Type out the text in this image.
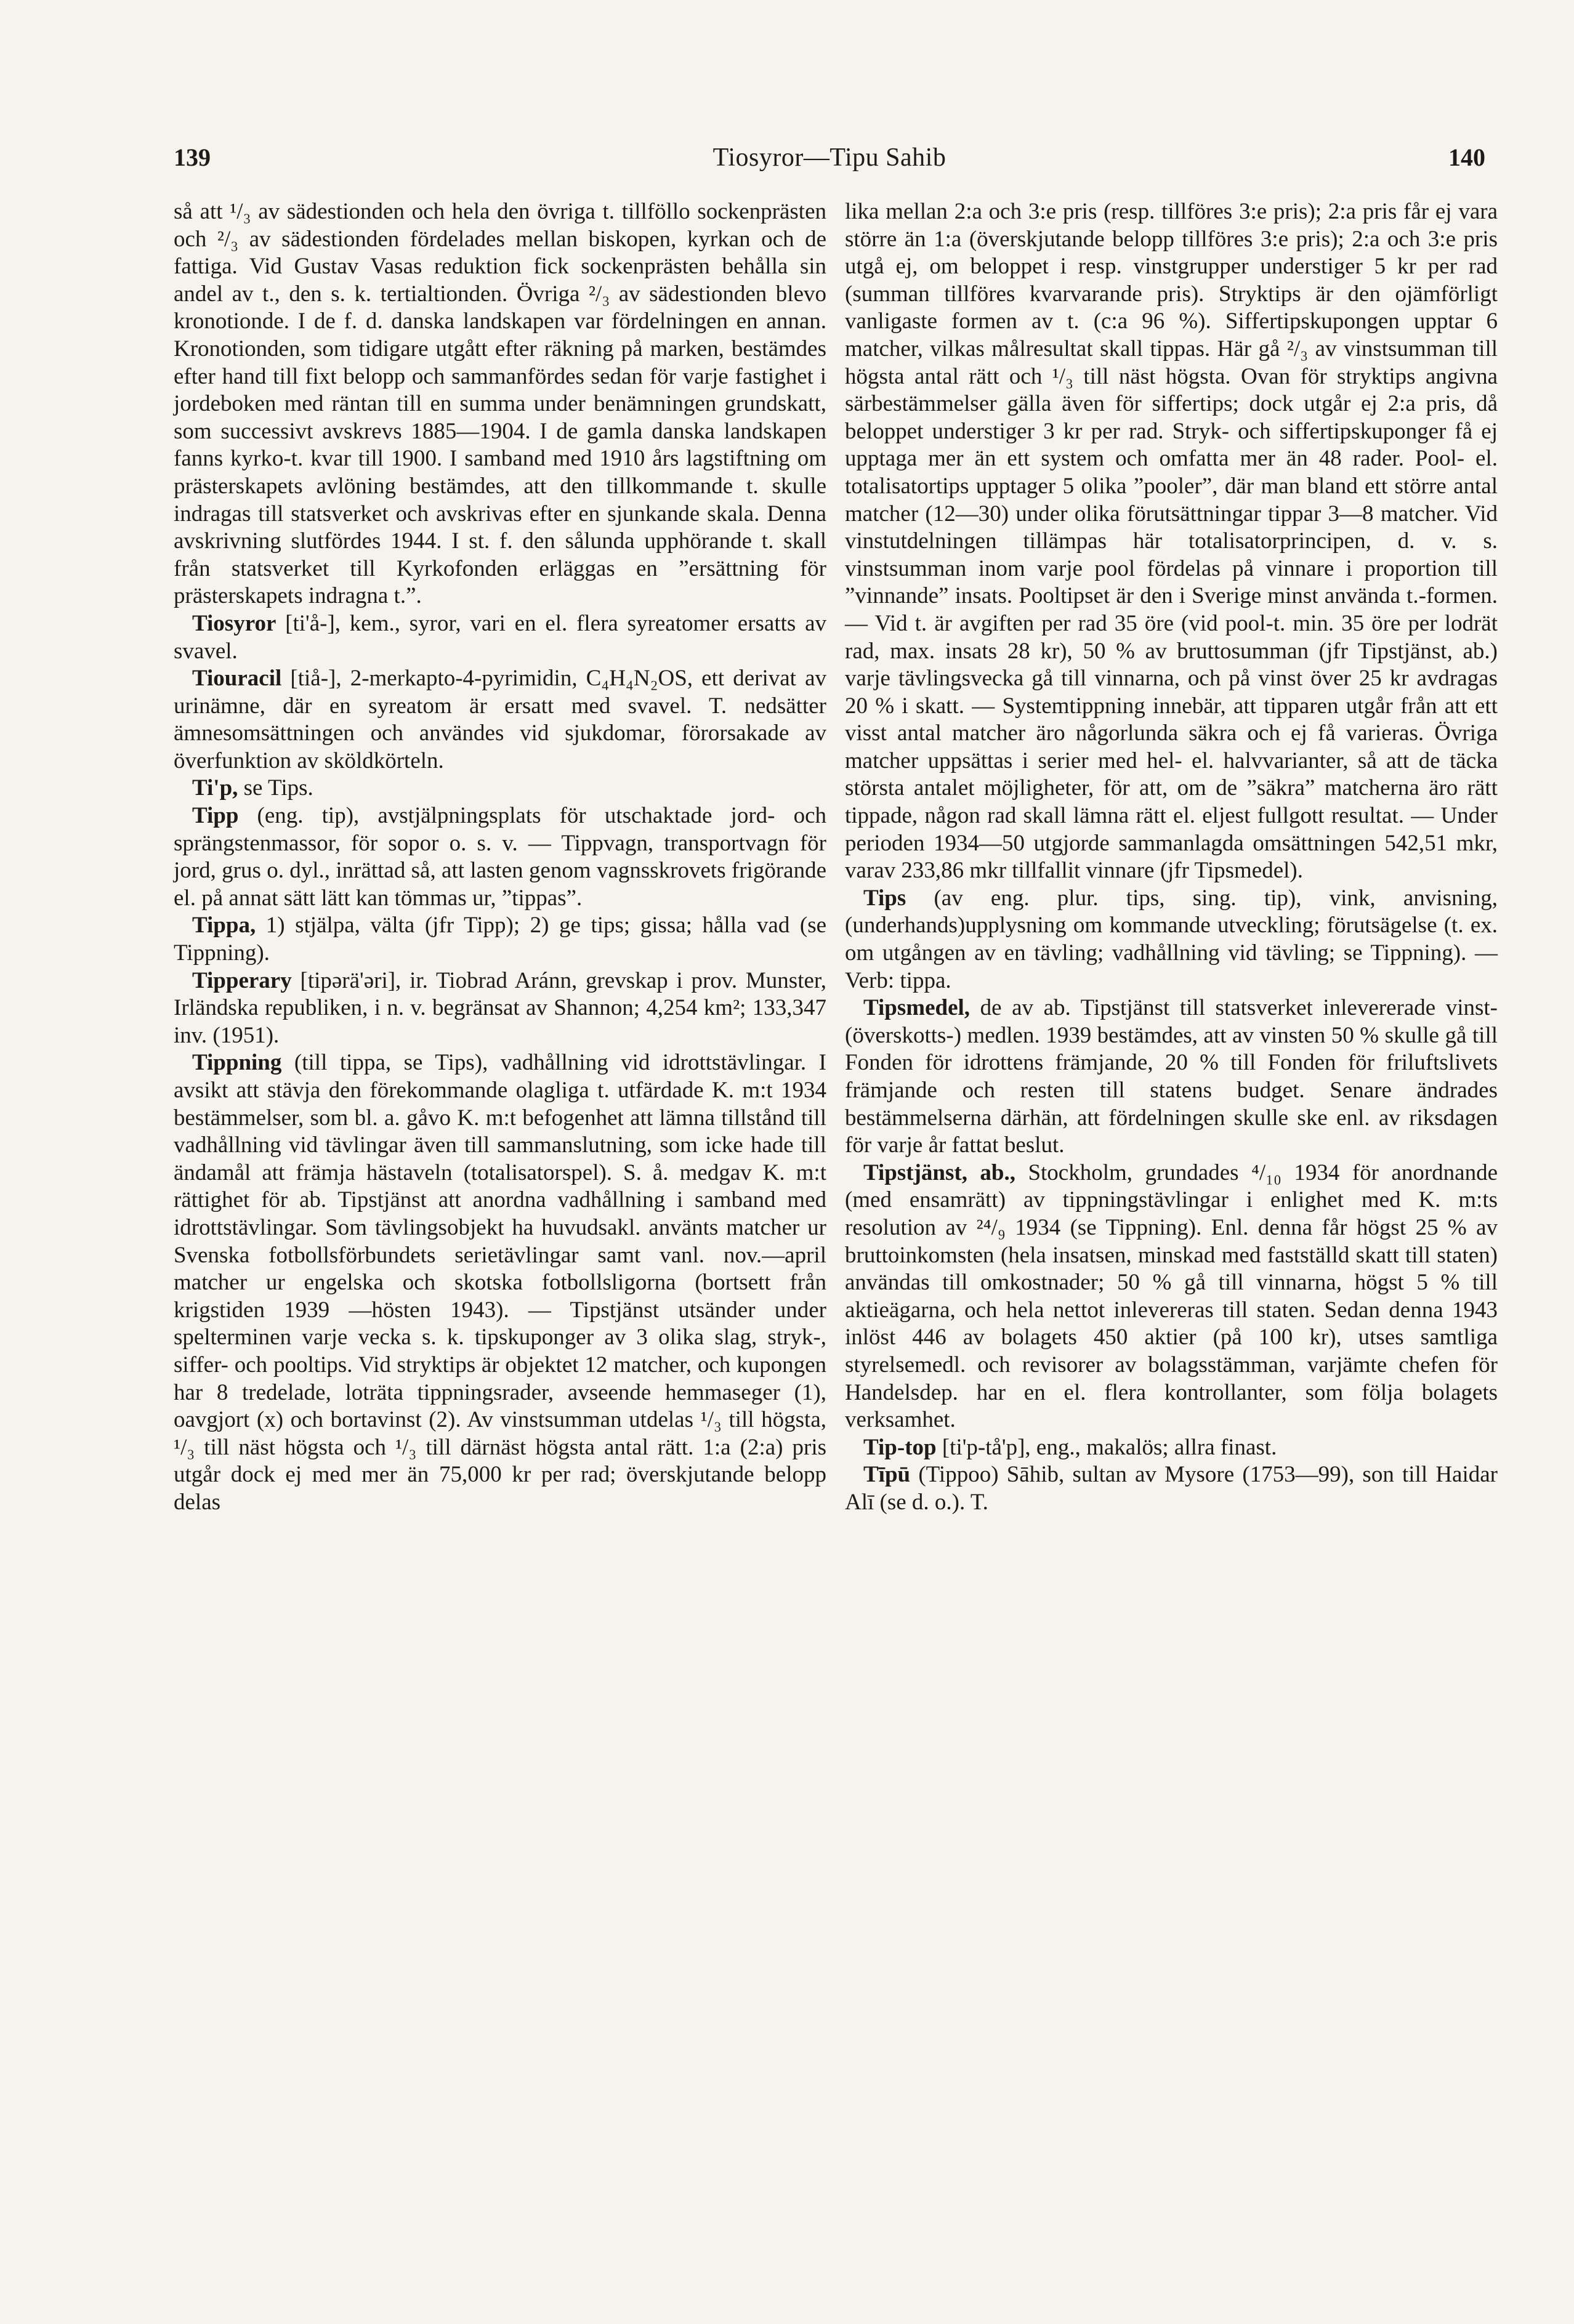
139	Tiosyror—Tipu Sahib	140

så att ¹/₃ av sädestionden och hela den övriga t. tillföllo sockenprästen och ²/₃ av sädestionden fördelades mellan biskopen, kyrkan och de fattiga. Vid Gustav Vasas reduktion fick sockenprästen behålla sin andel av t., den s. k. tertialtionden. Övriga ²/₃ av sädestionden blevo kronotionde. I de f. d. danska landskapen var fördelningen en annan. Kronotionden, som tidigare utgått efter räkning på marken, bestämdes efter hand till fixt belopp och sammanfördes sedan för varje fastighet i jordeboken med räntan till en summa under benämningen grundskatt, som successivt avskrevs 1885—1904. I de gamla danska landskapen fanns kyrko-t. kvar till 1900. I samband med 1910 års lagstiftning om prästerskapets avlöning bestämdes, att den tillkommande t. skulle indragas till statsverket och avskrivas efter en sjunkande skala. Denna avskrivning slutfördes 1944. I st. f. den sålunda upphörande t. skall från statsverket till Kyrkofonden erläggas en ”ersättning för prästerskapets indragna t.”.

Tiosyror [ti'å-], kem., syror, vari en el. flera syreatomer ersatts av svavel.

Tiouracil [tiå-], 2-merkapto-4-pyrimidin, C₄H₄N₂OS, ett derivat av urinämne, där en syreatom är ersatt med svavel. T. nedsätter ämnesomsättningen och användes vid sjukdomar, förorsakade av överfunktion av sköldkörteln.

Ti'p, se Tips.

Tipp (eng. tip), avstjälpningsplats för utschaktade jord- och sprängstenmassor, för sopor o. s. v. — Tippvagn, transportvagn för jord, grus o. dyl., inrättad så, att lasten genom vagnsskrovets frigörande el. på annat sätt lätt kan tömmas ur, ”tippas”.

Tippa, 1) stjälpa, välta (jfr Tipp); 2) ge tips; gissa; hålla vad (se Tippning).

Tipperary [tipərä'əri], ir. Tiobrad Aránn, grevskap i prov. Munster, Irländska republiken, i n. v. begränsat av Shannon; 4,254 km²; 133,347 inv. (1951).

Tippning (till tippa, se Tips), vadhållning vid idrottstävlingar. I avsikt att stävja den förekommande olagliga t. utfärdade K. m:t 1934 bestämmelser, som bl. a. gåvo K. m:t befogenhet att lämna tillstånd till vadhållning vid tävlingar även till sammanslutning, som icke hade till ändamål att främja hästaveln (totalisatorspel). S. å. medgav K. m:t rättighet för ab. Tipstjänst att anordna vadhållning i samband med idrottstävlingar. Som tävlingsobjekt ha huvudsakl. använts matcher ur Svenska fotbollsförbundets serietävlingar samt vanl. nov.—april matcher ur engelska och skotska fotbollsligorna (bortsett från krigstiden 1939 —hösten 1943). — Tipstjänst utsänder under spelterminen varje vecka s. k. tipskuponger av 3 olika slag, stryk-, siffer- och pooltips. Vid stryktips är objektet 12 matcher, och kupongen har 8 tredelade, loträta tippningsrader, avseende hemmaseger (1), oavgjort (x) och bortavinst (2). Av vinstsumman utdelas ¹/₃ till högsta, ¹/₃ till näst högsta och ¹/₃ till därnäst högsta antal rätt. 1:a (2:a) pris utgår dock ej med mer än 75,000 kr per rad; överskjutande belopp delas

lika mellan 2:a och 3:e pris (resp. tillföres 3:e pris); 2:a pris får ej vara större än 1:a (överskjutande belopp tillföres 3:e pris); 2:a och 3:e pris utgå ej, om beloppet i resp. vinstgrupper understiger 5 kr per rad (summan tillföres kvarvarande pris). Stryktips är den ojämförligt vanligaste formen av t. (c:a 96 %). Siffertipskupongen upptar 6 matcher, vilkas målresultat skall tippas. Här gå ²/₃ av vinstsumman till högsta antal rätt och ¹/₃ till näst högsta. Ovan för stryktips angivna särbestämmelser gälla även för siffertips; dock utgår ej 2:a pris, då beloppet understiger 3 kr per rad. Stryk- och siffertipskuponger få ej upptaga mer än ett system och omfatta mer än 48 rader. Pool- el. totalisatortips upptager 5 olika ”pooler”, där man bland ett större antal matcher (12—30) under olika förutsättningar tippar 3—8 matcher. Vid vinstutdelningen tillämpas här totalisatorprincipen, d. v. s. vinstsumman inom varje pool fördelas på vinnare i proportion till ”vinnande” insats. Pooltipset är den i Sverige minst använda t.-formen. — Vid t. är avgiften per rad 35 öre (vid pool-t. min. 35 öre per lodrät rad, max. insats 28 kr), 50 % av bruttosumman (jfr Tipstjänst, ab.) varje tävlingsvecka gå till vinnarna, och på vinst över 25 kr avdragas 20 % i skatt. — Systemtippning innebär, att tipparen utgår från att ett visst antal matcher äro någorlunda säkra och ej få varieras. Övriga matcher uppsättas i serier med hel- el. halvvarianter, så att de täcka största antalet möjligheter, för att, om de ”säkra” matcherna äro rätt tippade, någon rad skall lämna rätt el. eljest fullgott resultat. — Under perioden 1934—50 utgjorde sammanlagda omsättningen 542,51 mkr, varav 233,86 mkr tillfallit vinnare (jfr Tipsmedel).

Tips (av eng. plur. tips, sing. tip), vink, anvisning, (underhands)upplysning om kommande utveckling; förutsägelse (t. ex. om utgången av en tävling; vadhållning vid tävling; se Tippning). — Verb: tippa.

Tipsmedel, de av ab. Tipstjänst till statsverket inlevererade vinst-(överskotts-) medlen. 1939 bestämdes, att av vinsten 50 % skulle gå till Fonden för idrottens främjande, 20 % till Fonden för friluftslivets främjande och resten till statens budget. Senare ändrades bestämmelserna därhän, att fördelningen skulle ske enl. av riksdagen för varje år fattat beslut.

Tipstjänst, ab., Stockholm, grundades ⁴/₁₀ 1934 för anordnande (med ensamrätt) av tippningstävlingar i enlighet med K. m:ts resolution av ²⁴/₉ 1934 (se Tippning). Enl. denna får högst 25 % av bruttoinkomsten (hela insatsen, minskad med fastställd skatt till staten) användas till omkostnader; 50 % gå till vinnarna, högst 5 % till aktieägarna, och hela nettot inlevereras till staten. Sedan denna 1943 inlöst 446 av bolagets 450 aktier (på 100 kr), utses samtliga styrelsemedl. och revisorer av bolagsstämman, varjämte chefen för Handelsdep. har en el. flera kontrollanter, som följa bolagets verksamhet.

Tip-top [ti'p-tå'p], eng., makalös; allra finast.

Tīpū (Tippoo) Sāhib, sultan av Mysore (1753—99), son till Haidar Alī (se d. o.). T.
